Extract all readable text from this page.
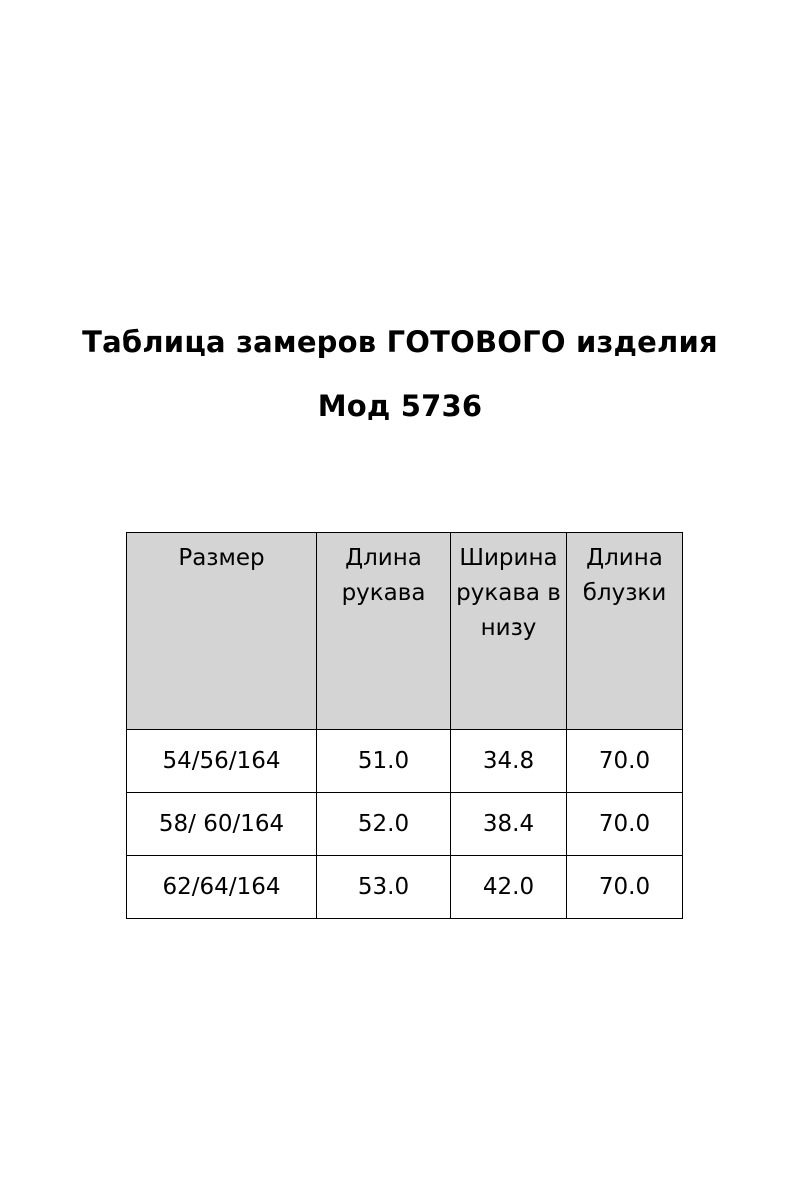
Таблица замеров ГОТОВОГО изделия
Мод 5736
Размер	Длина рукава	Ширина рукава в низу	Длина блузки
54/56/164	51.0	34.8	70.0
58/ 60/164	52.0	38.4	70.0
62/64/164	53.0	42.0	70.0
